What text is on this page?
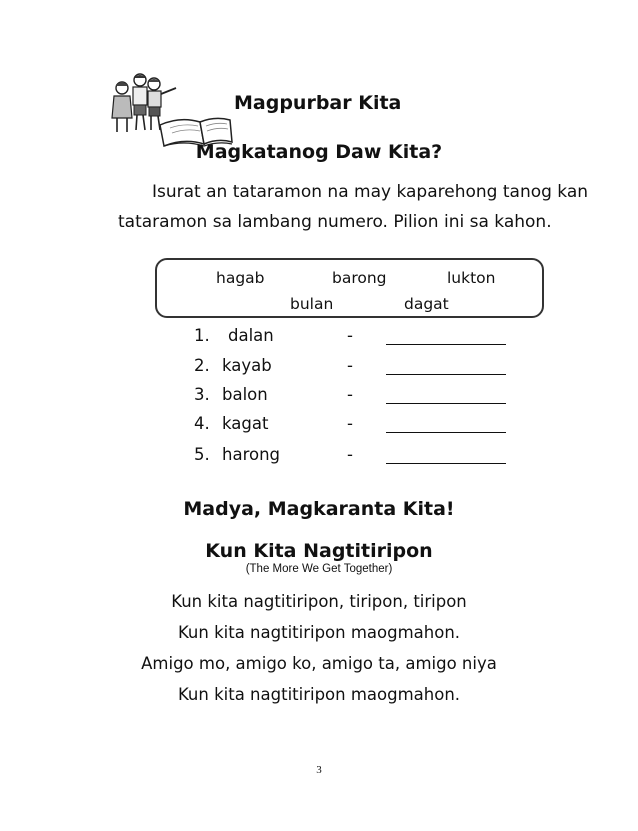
Magpurbar Kita
Magkatanog Daw Kita?
Isurat an tataramon na may kaparehong tanog kan tataramon sa lambang numero. Pilion ini sa kahon.
hagab	barong	lukton
bulan	dagat
1. dalan	-
2. kayab	-
3. balon	-
4. kagat	-
5. harong	-
Madya, Magkaranta Kita!
Kun Kita Nagtitiripon
(The More We Get Together)
Kun kita nagtitiripon, tiripon, tiripon
Kun kita nagtitiripon maogmahon.
Amigo mo, amigo ko, amigo ta, amigo niya
Kun kita nagtitiripon maogmahon.
3
